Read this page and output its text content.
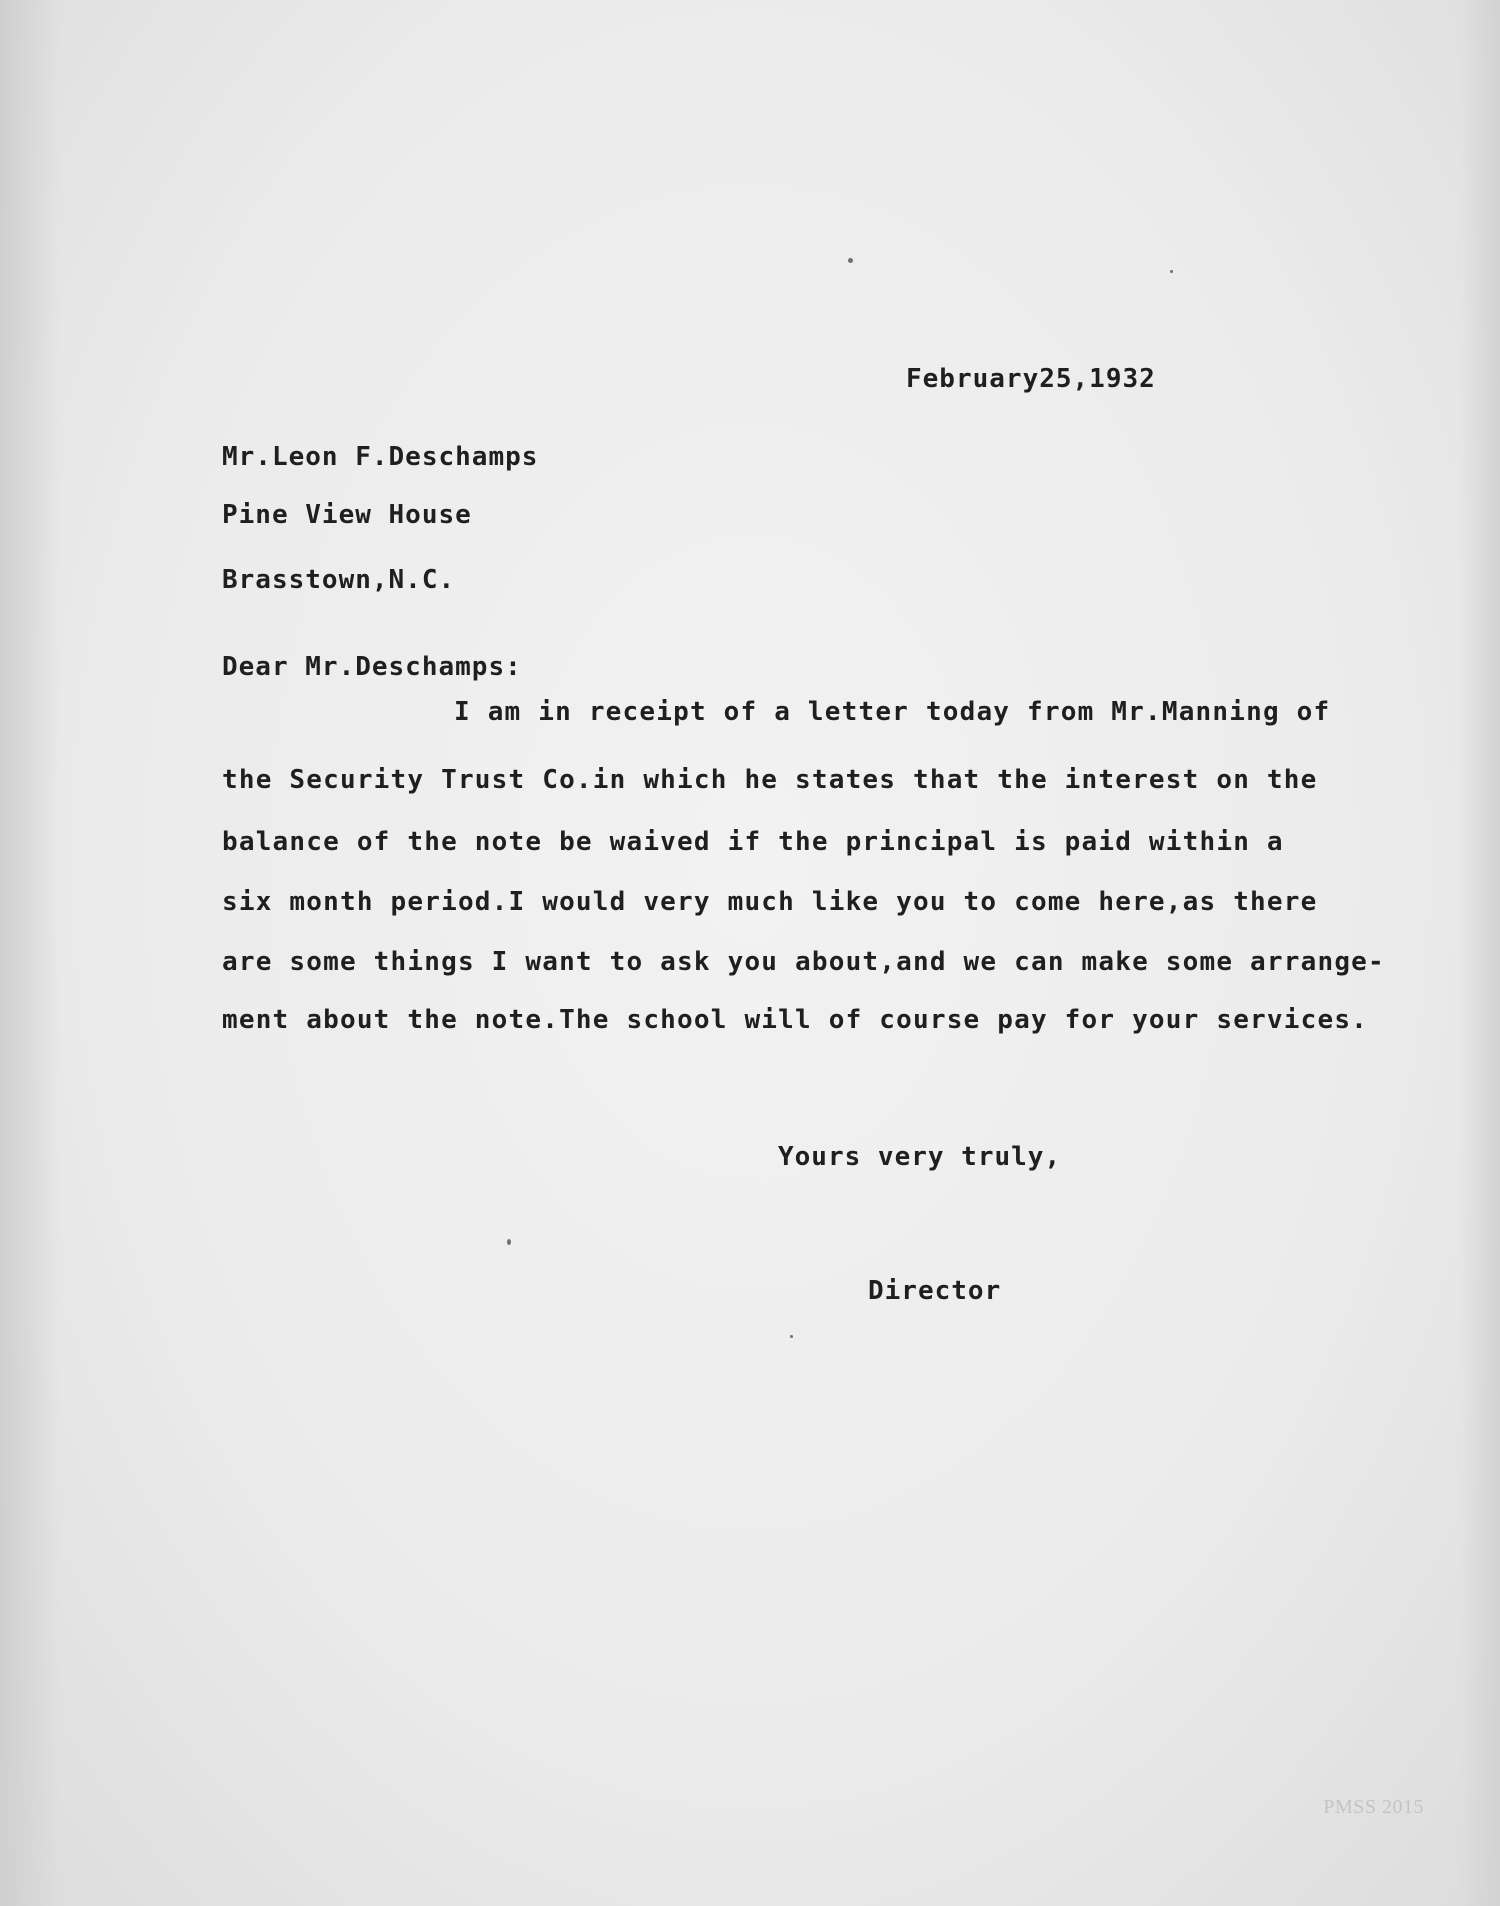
February25,1932

Mr.Leon F.Deschamps

Pine View House

Brasstown,N.C.

Dear Mr.Deschamps:

I am in receipt of a letter today from Mr.Manning of

the Security Trust Co.in which he states that the interest on the

balance of the note be waived if the principal is paid within a

six month period.I would very much like you to come here,as there

are some things I want to ask you about,and we can make some arrange-

ment about the note.The school will of course pay for your services.

Yours very truly,

Director

PMSS 2015
